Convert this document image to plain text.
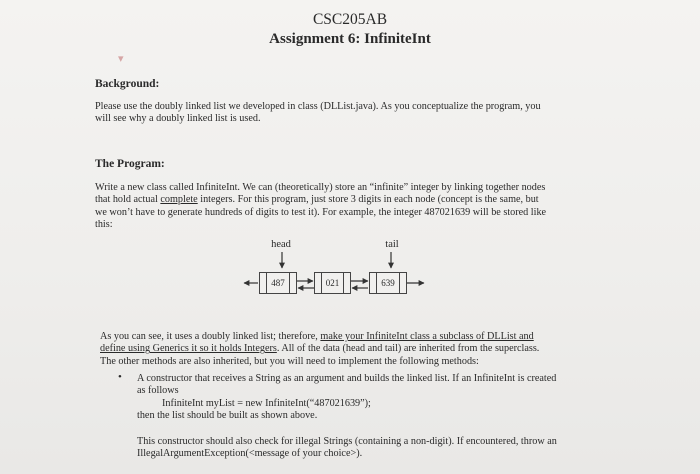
CSC205AB
Assignment 6: InfiniteInt
▾
Background:
Please use the doubly linked list we developed in class (DLList.java). As you conceptualize the program, you
will see why a doubly linked list is used.
The Program:
Write a new class called InfiniteInt. We can (theoretically) store an “infinite” integer by linking together nodes
that hold actual complete integers. For this program, just store 3 digits in each node (concept is the same, but
we won’t have to generate hundreds of digits to test it). For example, the integer 487021639 will be stored like
this:
head	tail
487	021	639
As you can see, it uses a doubly linked list; therefore, make your InfiniteInt class a subclass of DLList and
define using Generics it so it holds Integers. All of the data (head and tail) are inherited from the superclass.
The other methods are also inherited, but you will need to implement the following methods:
• A constructor that receives a String as an argument and builds the linked list. If an InfiniteInt is created
as follows
InfiniteInt myList = new InfiniteInt(“487021639”);
then the list should be built as shown above.
This constructor should also check for illegal Strings (containing a non-digit). If encountered, throw an
IllegalArgumentException(<message of your choice>).
